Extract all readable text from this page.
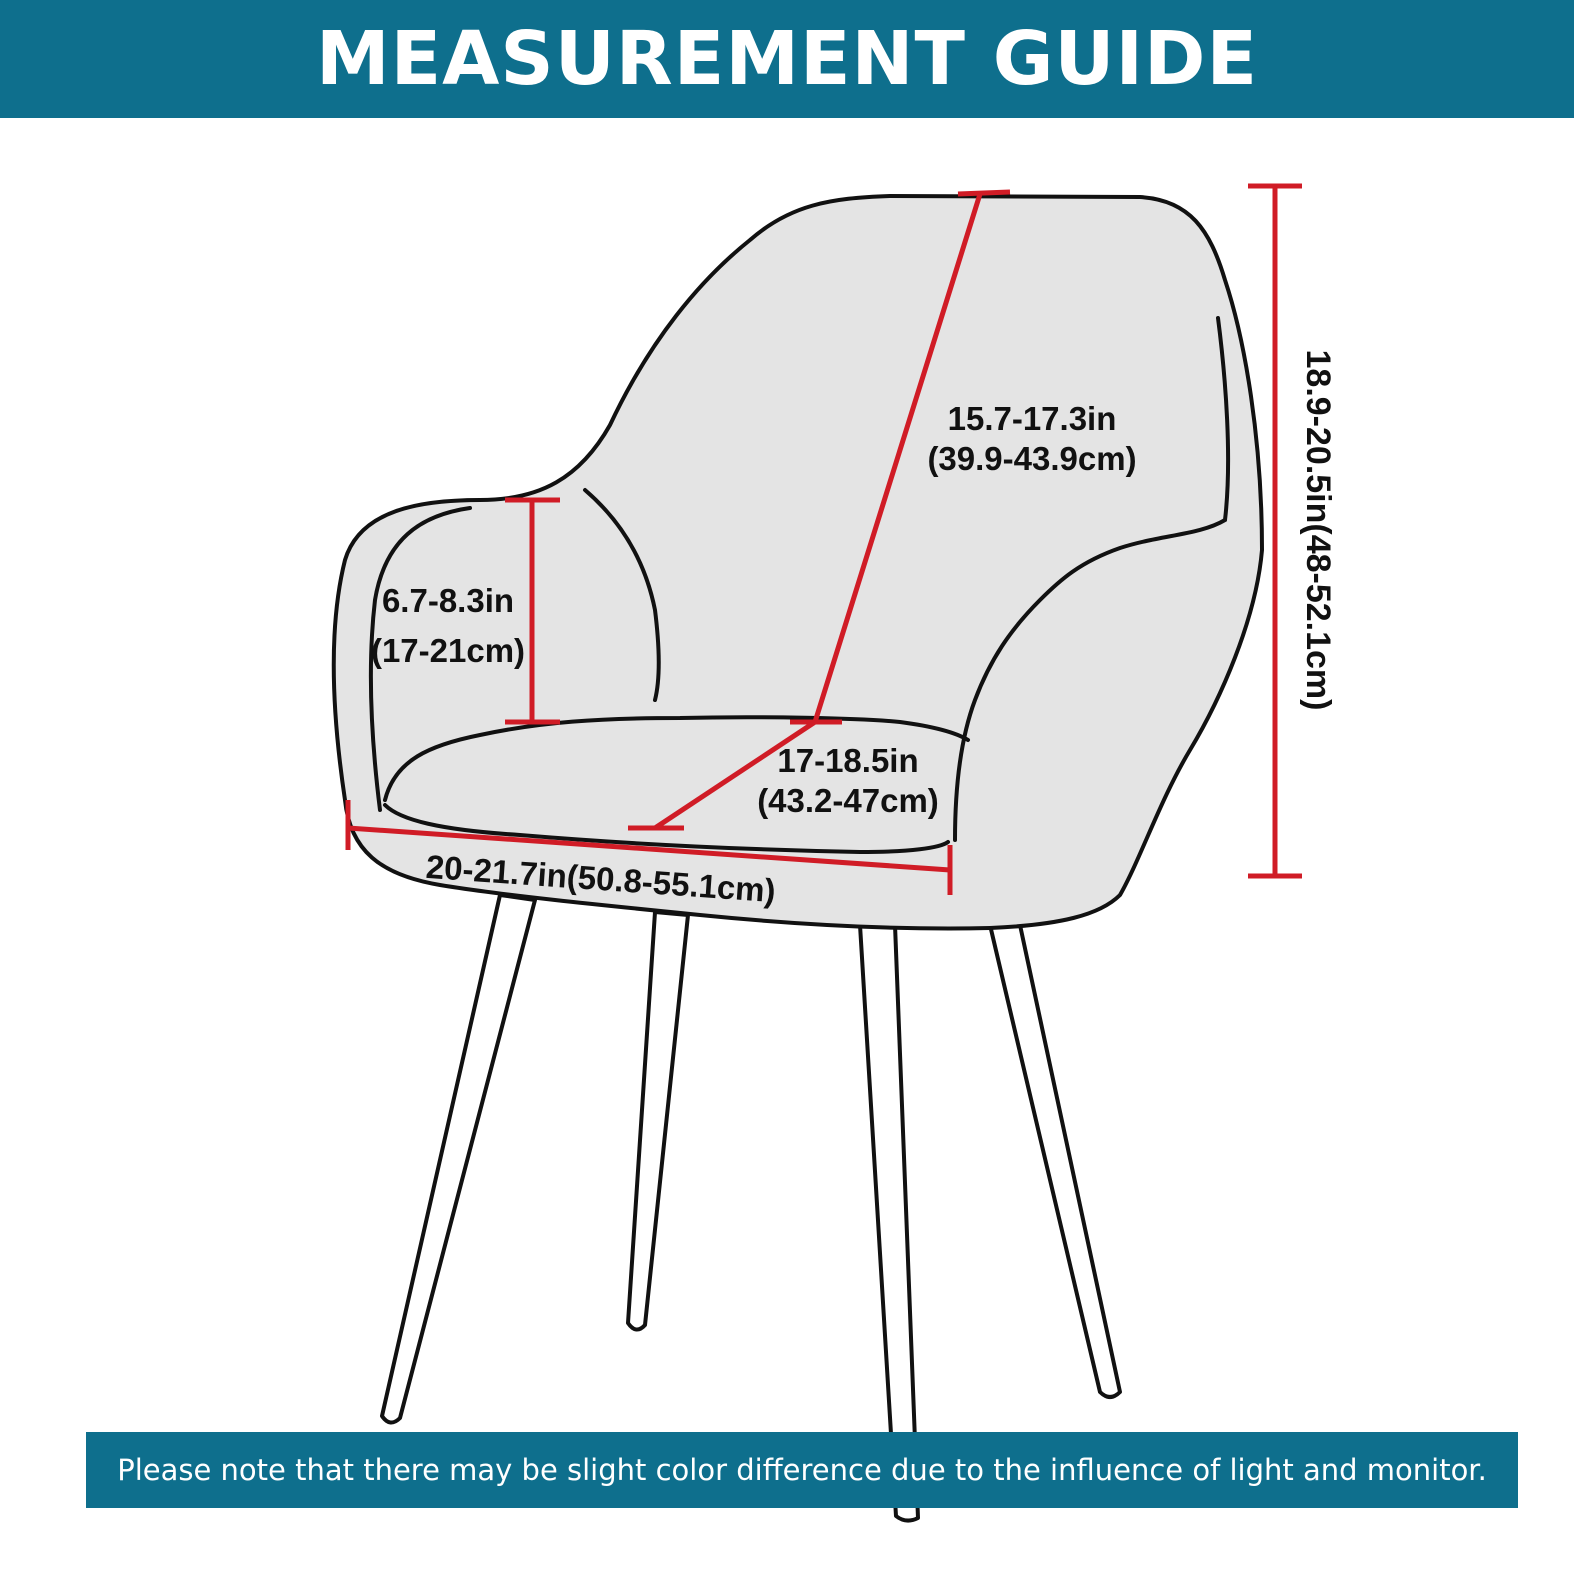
15.7-17.3in
(39.9-43.9cm)
6.7-8.3in
(17-21cm)
17-18.5in
(43.2-47cm)
20-21.7in(50.8-55.1cm)
18.9-20.5in(48-52.1cm)
MEASUREMENT GUIDE
Please note that there may be slight color difference due to the influence of light and monitor.
